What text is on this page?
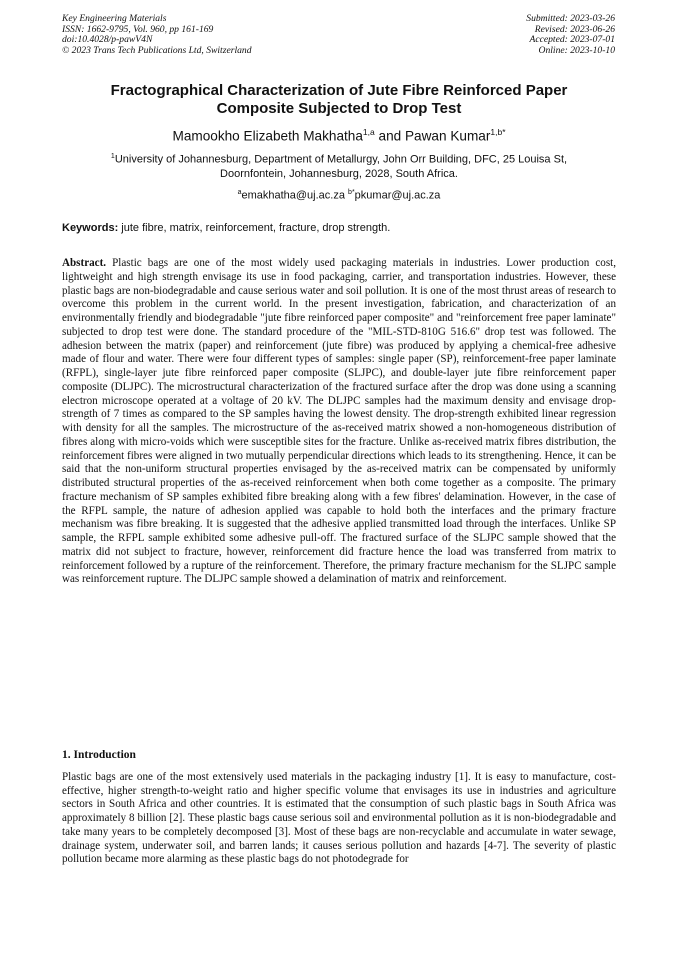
Key Engineering Materials
ISSN: 1662-9795, Vol. 960, pp 161-169
doi:10.4028/p-pawV4N
© 2023 Trans Tech Publications Ltd, Switzerland
Submitted: 2023-03-26
Revised: 2023-06-26
Accepted: 2023-07-01
Online: 2023-10-10
Fractographical Characterization of Jute Fibre Reinforced Paper
Composite Subjected to Drop Test
Mamookho Elizabeth Makhatha$^{1,a}$ and Pawan Kumar$^{1,b*}$
$^1$University of Johannesburg, Department of Metallurgy, John Orr Building, DFC, 25 Louisa St,
Doornfontein, Johannesburg, 2028, South Africa.
$^a$emakhatha@uj.ac.za $^{b*}$pkumar@uj.ac.za
Keywords: jute fibre, matrix, reinforcement, fracture, drop strength.
Abstract. Plastic bags are one of the most widely used packaging materials in industries. Lower production cost, lightweight and high strength envisage its use in food packaging, carrier, and transportation industries. However, these plastic bags are non-biodegradable and cause serious water and soil pollution. It is one of the most thrust areas of research to overcome this problem in the current world. In the present investigation, fabrication, and characterization of an environmentally friendly and biodegradable "jute fibre reinforced paper composite" and "reinforcement free paper laminate" subjected to drop test were done. The standard procedure of the "MIL-STD-810G 516.6" drop test was followed. The adhesion between the matrix (paper) and reinforcement (jute fibre) was produced by applying a chemical-free adhesive made of flour and water. There were four different types of samples: single paper (SP), reinforcement-free paper laminate (RFPL), single-layer jute fibre reinforced paper composite (SLJPC), and double-layer jute fibre reinforcement paper composite (DLJPC). The microstructural characterization of the fractured surface after the drop was done using a scanning electron microscope operated at a voltage of 20 kV. The DLJPC samples had the maximum density and envisage drop-strength of 7 times as compared to the SP samples having the lowest density. The drop-strength exhibited linear regression with density for all the samples. The microstructure of the as-received matrix showed a non-homogeneous distribution of fibres along with micro-voids which were susceptible sites for the fracture. Unlike as-received matrix fibres distribution, the reinforcement fibres were aligned in two mutually perpendicular directions which leads to its strengthening. Hence, it can be said that the non-uniform structural properties envisaged by the as-received matrix can be compensated by uniformly distributed structural properties of the as-received reinforcement when both come together as a composite. The primary fracture mechanism of SP samples exhibited fibre breaking along with a few fibres' delamination. However, in the case of the RFPL sample, the nature of adhesion applied was capable to hold both the interfaces and the primary fracture mechanism was fibre breaking. It is suggested that the adhesive applied transmitted load through the interfaces. Unlike SP sample, the RFPL sample exhibited some adhesive pull-off. The fractured surface of the SLJPC sample showed that the matrix did not subject to fracture, however, reinforcement did fracture hence the load was transferred from matrix to reinforcement followed by a rupture of the reinforcement. Therefore, the primary fracture mechanism for the SLJPC sample was reinforcement rupture. The DLJPC sample showed a delamination of matrix and reinforcement.
1. Introduction
Plastic bags are one of the most extensively used materials in the packaging industry [1]. It is easy to manufacture, cost-effective, higher strength-to-weight ratio and higher specific volume that envisages its use in industries and agriculture sectors in South Africa and other countries. It is estimated that the consumption of such plastic bags in South Africa was approximately 8 billion [2]. These plastic bags cause serious soil and environmental pollution as it is non-biodegradable and take many years to be completely decomposed [3]. Most of these bags are non-recyclable and accumulate in water sewage, drainage system, underwater soil, and barren lands; it causes serious pollution and hazards [4-7]. The severity of plastic pollution became more alarming as these plastic bags do not photodegrade for
